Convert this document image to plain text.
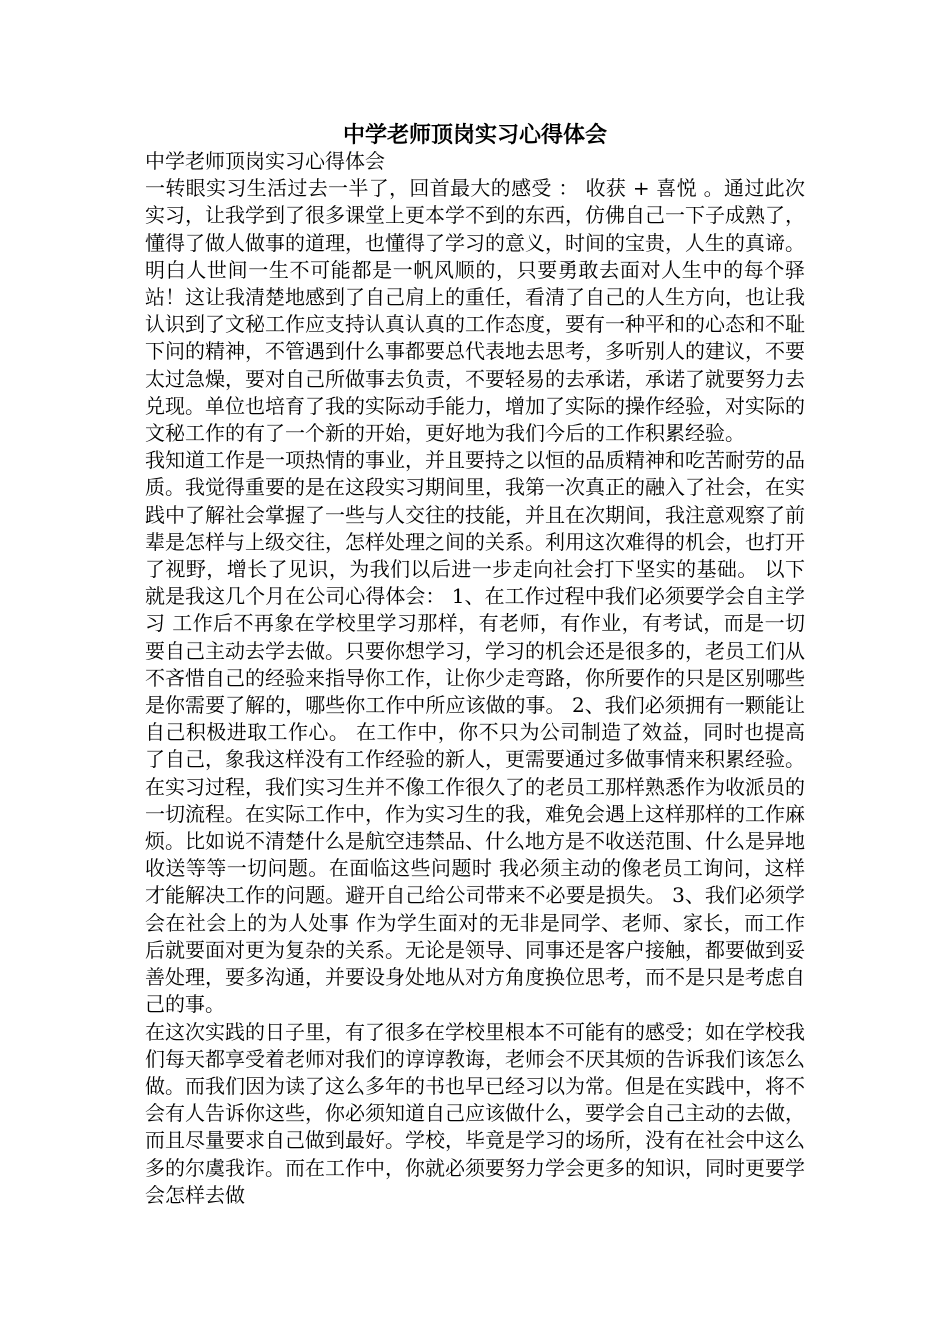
中学老师顶岗实习心得体会

中学老师顶岗实习心得体会

一转眼实习生活过去一半了，回首最大的感受 ： 收获 + 喜悦 。通过此次实习，让我学到了很多课堂上更本学不到的东西，仿佛自己一下子成熟了，懂得了做人做事的道理，也懂得了学习的意义，时间的宝贵，人生的真谛。明白人世间一生不可能都是一帆风顺的，只要勇敢去面对人生中的每个驿站！这让我清楚地感到了自己肩上的重任，看清了自己的人生方向，也让我认识到了文秘工作应支持认真认真的工作态度，要有一种平和的心态和不耻下问的精神，不管遇到什么事都要总代表地去思考，多听别人的建议，不要太过急燥，要对自己所做事去负责，不要轻易的去承诺，承诺了就要努力去兑现。单位也培育了我的实际动手能力，增加了实际的操作经验，对实际的文秘工作的有了一个新的开始，更好地为我们今后的工作积累经验。

我知道工作是一项热情的事业，并且要持之以恒的品质精神和吃苦耐劳的品质。我觉得重要的是在这段实习期间里，我第一次真正的融入了社会，在实践中了解社会掌握了一些与人交往的技能，并且在次期间，我注意观察了前辈是怎样与上级交往，怎样处理之间的关系。利用这次难得的机会，也打开了视野，增长了见识，为我们以后进一步走向社会打下坚实的基础。 以下就是我这几个月在公司心得体会： 1、在工作过程中我们必须要学会自主学习 工作后不再象在学校里学习那样，有老师，有作业，有考试，而是一切要自己主动去学去做。只要你想学习，学习的机会还是很多的，老员工们从不吝惜自己的经验来指导你工作，让你少走弯路，你所要作的只是区别哪些是你需要了解的，哪些你工作中所应该做的事。 2、我们必须拥有一颗能让自己积极进取工作心。 在工作中，你不只为公司制造了效益，同时也提高了自己，象我这样没有工作经验的新人，更需要通过多做事情来积累经验。在实习过程，我们实习生并不像工作很久了的老员工那样熟悉作为收派员的一切流程。在实际工作中，作为实习生的我，难免会遇上这样那样的工作麻烦。比如说不清楚什么是航空违禁品、什么地方是不收送范围、什么是异地收送等等一切问题。在面临这些问题时 我必须主动的像老员工询问，这样才能解决工作的问题。避开自己给公司带来不必要是损失。 3、我们必须学会在社会上的为人处事 作为学生面对的无非是同学、老师、家长，而工作后就要面对更为复杂的关系。无论是领导、同事还是客户接触，都要做到妥善处理，要多沟通，并要设身处地从对方角度换位思考，而不是只是考虑自己的事。

在这次实践的日子里，有了很多在学校里根本不可能有的感受；如在学校我们每天都享受着老师对我们的谆谆教诲，老师会不厌其烦的告诉我们该怎么做。而我们因为读了这么多年的书也早已经习以为常。但是在实践中，将不会有人告诉你这些，你必须知道自己应该做什么，要学会自己主动的去做，而且尽量要求自己做到最好。学校，毕竟是学习的场所，没有在社会中这么多的尔虞我诈。而在工作中，你就必须要努力学会更多的知识，同时更要学会怎样去做
